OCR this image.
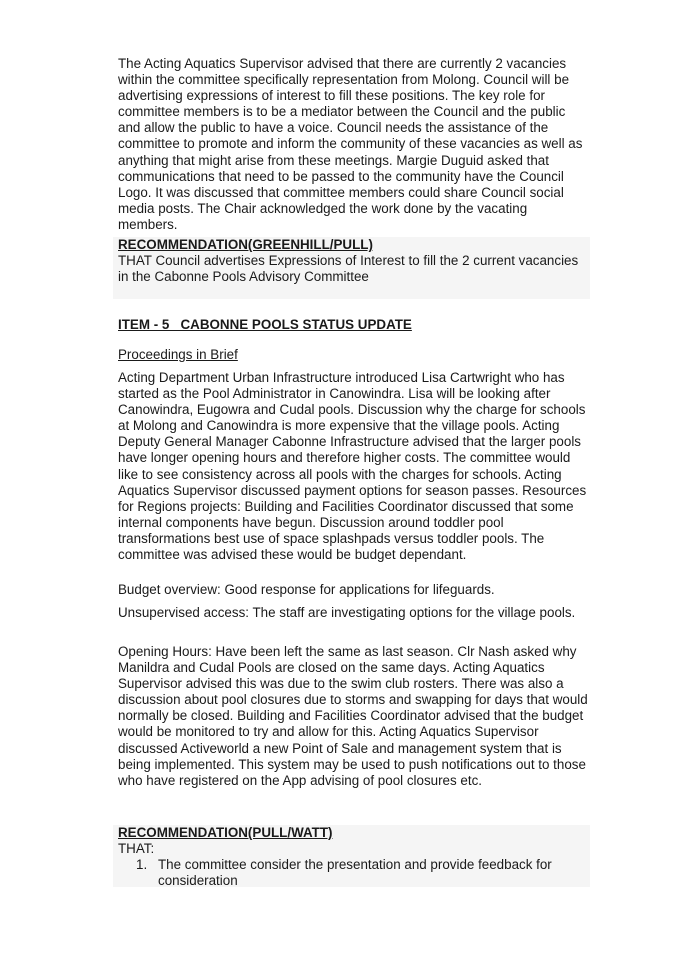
The Acting Aquatics Supervisor advised that there are currently 2 vacancies within the committee specifically representation from Molong. Council will be advertising expressions of interest to fill these positions. The key role for committee members is to be a mediator between the Council and the public and allow the public to have a voice. Council needs the assistance of the committee to promote and inform the community of these vacancies as well as anything that might arise from these meetings. Margie Duguid asked that communications that need to be passed to the community have the Council Logo. It was discussed that committee members could share Council social media posts. The Chair acknowledged the work done by the vacating members.

RECOMMENDATION(GREENHILL/PULL)

THAT Council advertises Expressions of Interest to fill the 2 current vacancies in the Cabonne Pools Advisory Committee

ITEM - 5   CABONNE POOLS STATUS UPDATE

Proceedings in Brief

Acting Department Urban Infrastructure introduced Lisa Cartwright who has started as the Pool Administrator in Canowindra. Lisa will be looking after Canowindra, Eugowra and Cudal pools. Discussion why the charge for schools at Molong and Canowindra is more expensive that the village pools. Acting Deputy General Manager Cabonne Infrastructure advised that the larger pools have longer opening hours and therefore higher costs. The committee would like to see consistency across all pools with the charges for schools. Acting Aquatics Supervisor discussed payment options for season passes. Resources for Regions projects: Building and Facilities Coordinator discussed that some internal components have begun. Discussion around toddler pool transformations best use of space splashpads versus toddler pools. The committee was advised these would be budget dependant.

Budget overview: Good response for applications for lifeguards.

Unsupervised access: The staff are investigating options for the village pools.

Opening Hours: Have been left the same as last season. Clr Nash asked why Manildra and Cudal Pools are closed on the same days. Acting Aquatics Supervisor advised this was due to the swim club rosters. There was also a discussion about pool closures due to storms and swapping for days that would normally be closed. Building and Facilities Coordinator advised that the budget would be monitored to try and allow for this. Acting Aquatics Supervisor discussed Activeworld a new Point of Sale and management system that is being implemented. This system may be used to push notifications out to those who have registered on the App advising of pool closures etc.

RECOMMENDATION(PULL/WATT)

THAT:

1. The committee consider the presentation and provide feedback for consideration
